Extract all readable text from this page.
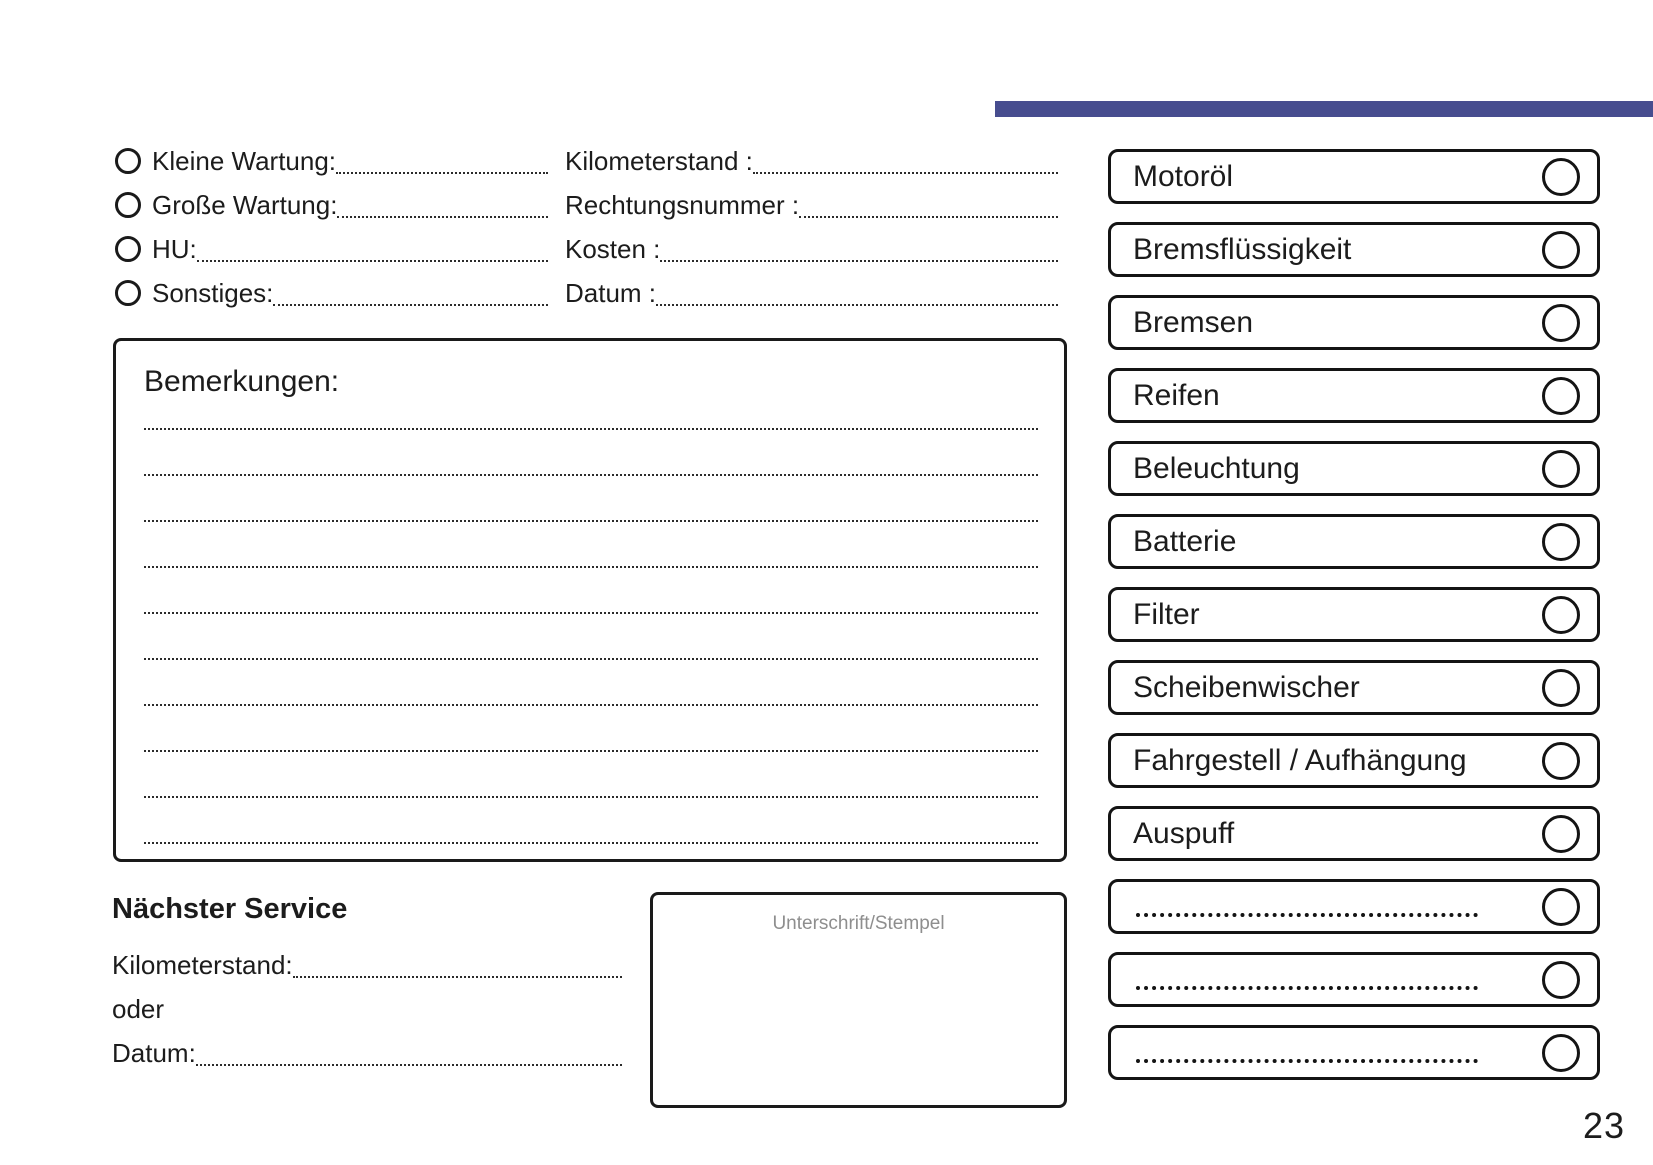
Kleine Wartung:
Große Wartung:
HU:
Sonstiges:
Kilometerstand :
Rechtungsnummer :
Kosten :
Datum :
Bemerkungen:
Nächster Service
Kilometerstand:
oder
Datum:
Unterschrift/Stempel
Motoröl
Bremsflüssigkeit
Bremsen
Reifen
Beleuchtung
Batterie
Filter
Scheibenwischer
Fahrgestell / Aufhängung
Auspuff
23
